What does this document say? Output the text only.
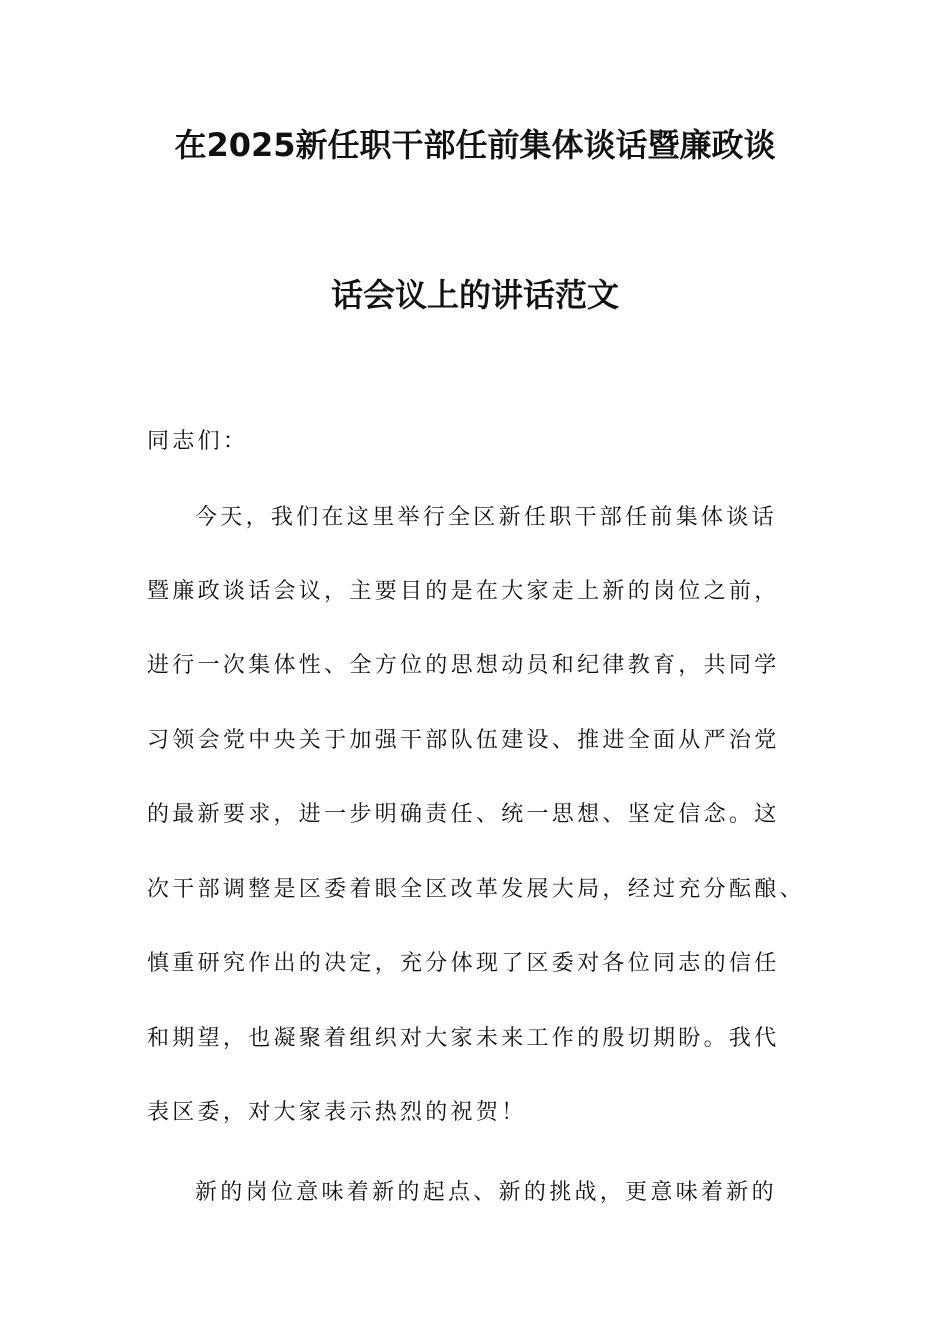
在2025新任职干部任前集体谈话暨廉政谈
话会议上的讲话范文
同志们：
今天，我们在这里举行全区新任职干部任前集体谈话
暨廉政谈话会议，主要目的是在大家走上新的岗位之前，
进行一次集体性、全方位的思想动员和纪律教育，共同学
习领会党中央关于加强干部队伍建设、推进全面从严治党
的最新要求，进一步明确责任、统一思想、坚定信念。这
次干部调整是区委着眼全区改革发展大局，经过充分酝酿、
慎重研究作出的决定，充分体现了区委对各位同志的信任
和期望，也凝聚着组织对大家未来工作的殷切期盼。我代
表区委，对大家表示热烈的祝贺！
新的岗位意味着新的起点、新的挑战，更意味着新的
